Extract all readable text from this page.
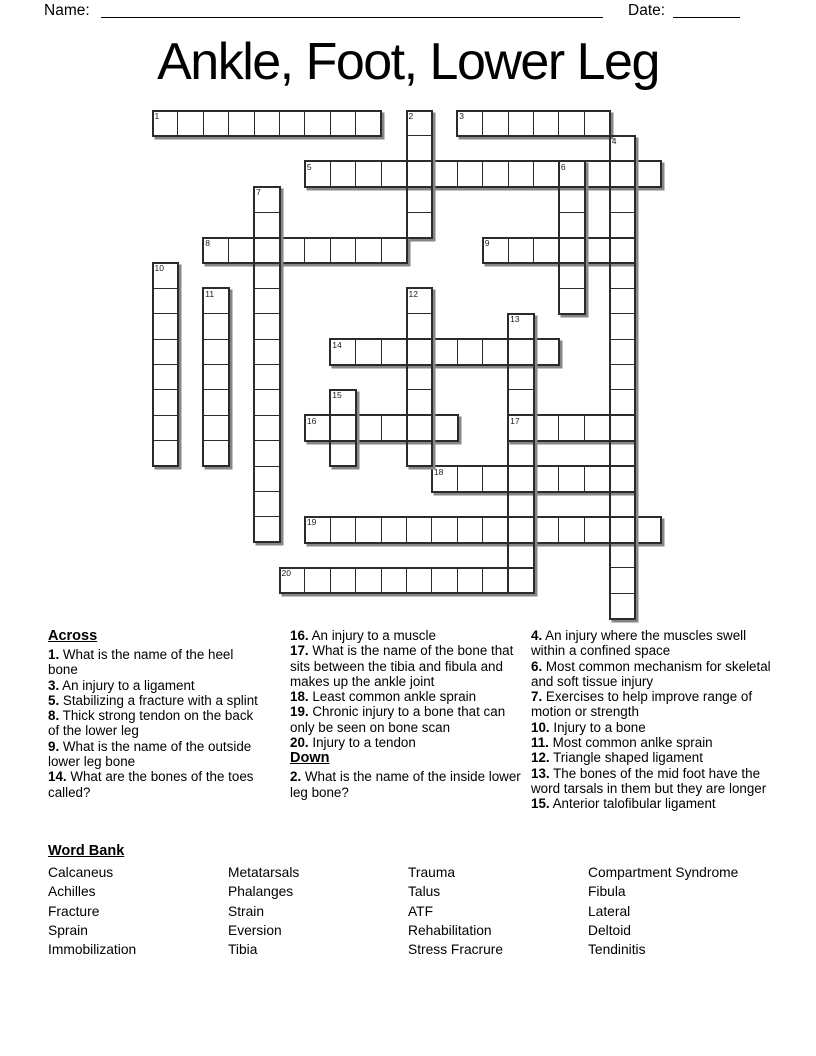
Name:	Date:
Ankle, Foot, Lower Leg
1	3
5
8	9
14
16	17
18
19
20
2
4
6
7
10
11	12
13
15
Across
1. What is the name of the heel bone
3. An injury to a ligament
5. Stabilizing a fracture with a splint
8. Thick strong tendon on the back of the lower leg
9. What is the name of the outside lower leg bone
14. What are the bones of the toes called?
16. An injury to a muscle
17. What is the name of the bone that sits between the tibia and fibula and makes up the ankle joint
18. Least common ankle sprain
19. Chronic injury to a bone that can only be seen on bone scan
20. Injury to a tendon
Down
2. What is the name of the inside lower leg bone?
4. An injury where the muscles swell within a confined space
6. Most common mechanism for skeletal and soft tissue injury
7. Exercises to help improve range of motion or strength
10. Injury to a bone
11. Most common anlke sprain
12. Triangle shaped ligament
13. The bones of the mid foot have the word tarsals in them but they are longer
15. Anterior talofibular ligament
Word Bank
Calcaneus
Achilles
Fracture
Sprain
Immobilization
Metatarsals
Phalanges
Strain
Eversion
Tibia
Trauma
Talus
ATF
Rehabilitation
Stress Fracrure
Compartment Syndrome
Fibula
Lateral
Deltoid
Tendinitis
